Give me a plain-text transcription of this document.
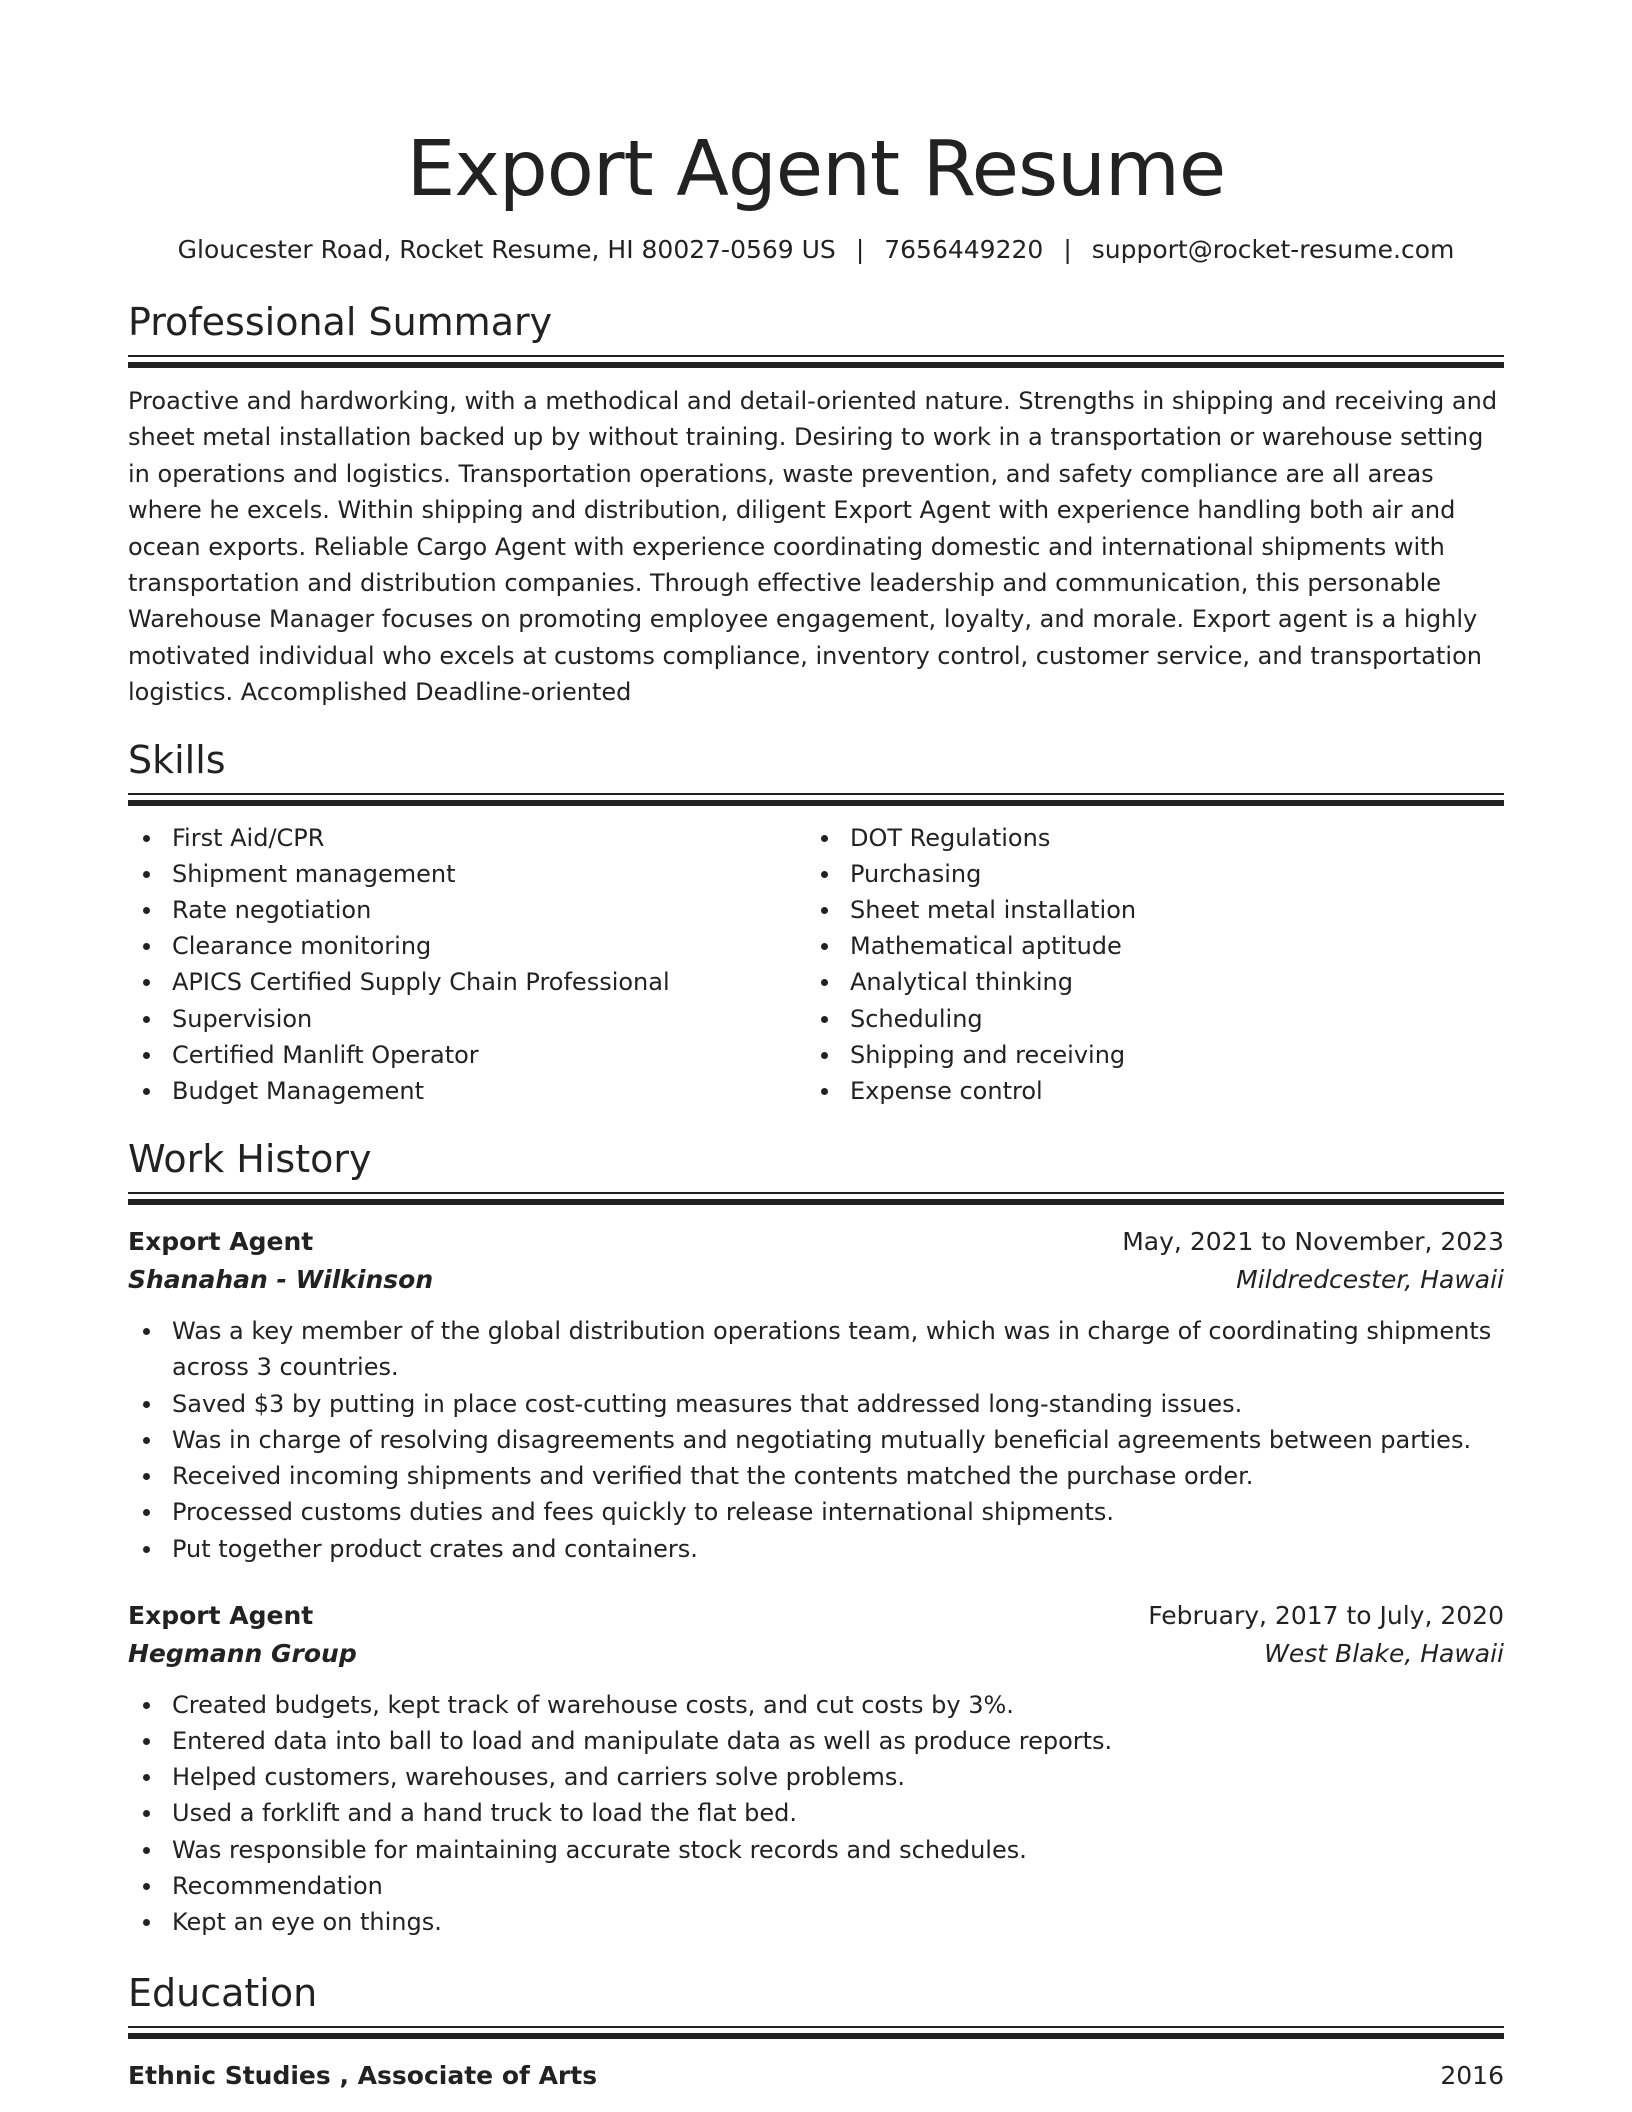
Export Agent Resume
Gloucester Road, Rocket Resume, HI 80027-0569 US | 7656449220 | support@rocket-resume.com
Professional Summary

Proactive and hardworking, with a methodical and detail-oriented nature. Strengths in shipping and receiving and sheet metal installation backed up by without training. Desiring to work in a transportation or warehouse setting in operations and logistics. Transportation operations, waste prevention, and safety compliance are all areas where he excels. Within shipping and distribution, diligent Export Agent with experience handling both air and ocean exports. Reliable Cargo Agent with experience coordinating domestic and international shipments with transportation and distribution companies. Through effective leadership and communication, this personable Warehouse Manager focuses on promoting employee engagement, loyalty, and morale. Export agent is a highly motivated individual who excels at customs compliance, inventory control, customer service, and transportation logistics. Accomplished Deadline-oriented

Skills
First Aid/CPR
Shipment management
Rate negotiation
Clearance monitoring
APICS Certified Supply Chain Professional
Supervision
Certified Manlift Operator
Budget Management
DOT Regulations
Purchasing
Sheet metal installation
Mathematical aptitude
Analytical thinking
Scheduling
Shipping and receiving
Expense control
Work History
Export Agent	May, 2021 to November, 2023
Shanahan - Wilkinson	Mildredcester, Hawaii
Was a key member of the global distribution operations team, which was in charge of coordinating shipments across 3 countries.
Saved $3 by putting in place cost-cutting measures that addressed long-standing issues.
Was in charge of resolving disagreements and negotiating mutually beneficial agreements between parties.
Received incoming shipments and verified that the contents matched the purchase order.
Processed customs duties and fees quickly to release international shipments.
Put together product crates and containers.
Export Agent	February, 2017 to July, 2020
Hegmann Group	West Blake, Hawaii
Created budgets, kept track of warehouse costs, and cut costs by 3%.
Entered data into ball to load and manipulate data as well as produce reports.
Helped customers, warehouses, and carriers solve problems.
Used a forklift and a hand truck to load the flat bed.
Was responsible for maintaining accurate stock records and schedules.
Recommendation
Kept an eye on things.
Education
Ethnic Studies , Associate of Arts	2016
